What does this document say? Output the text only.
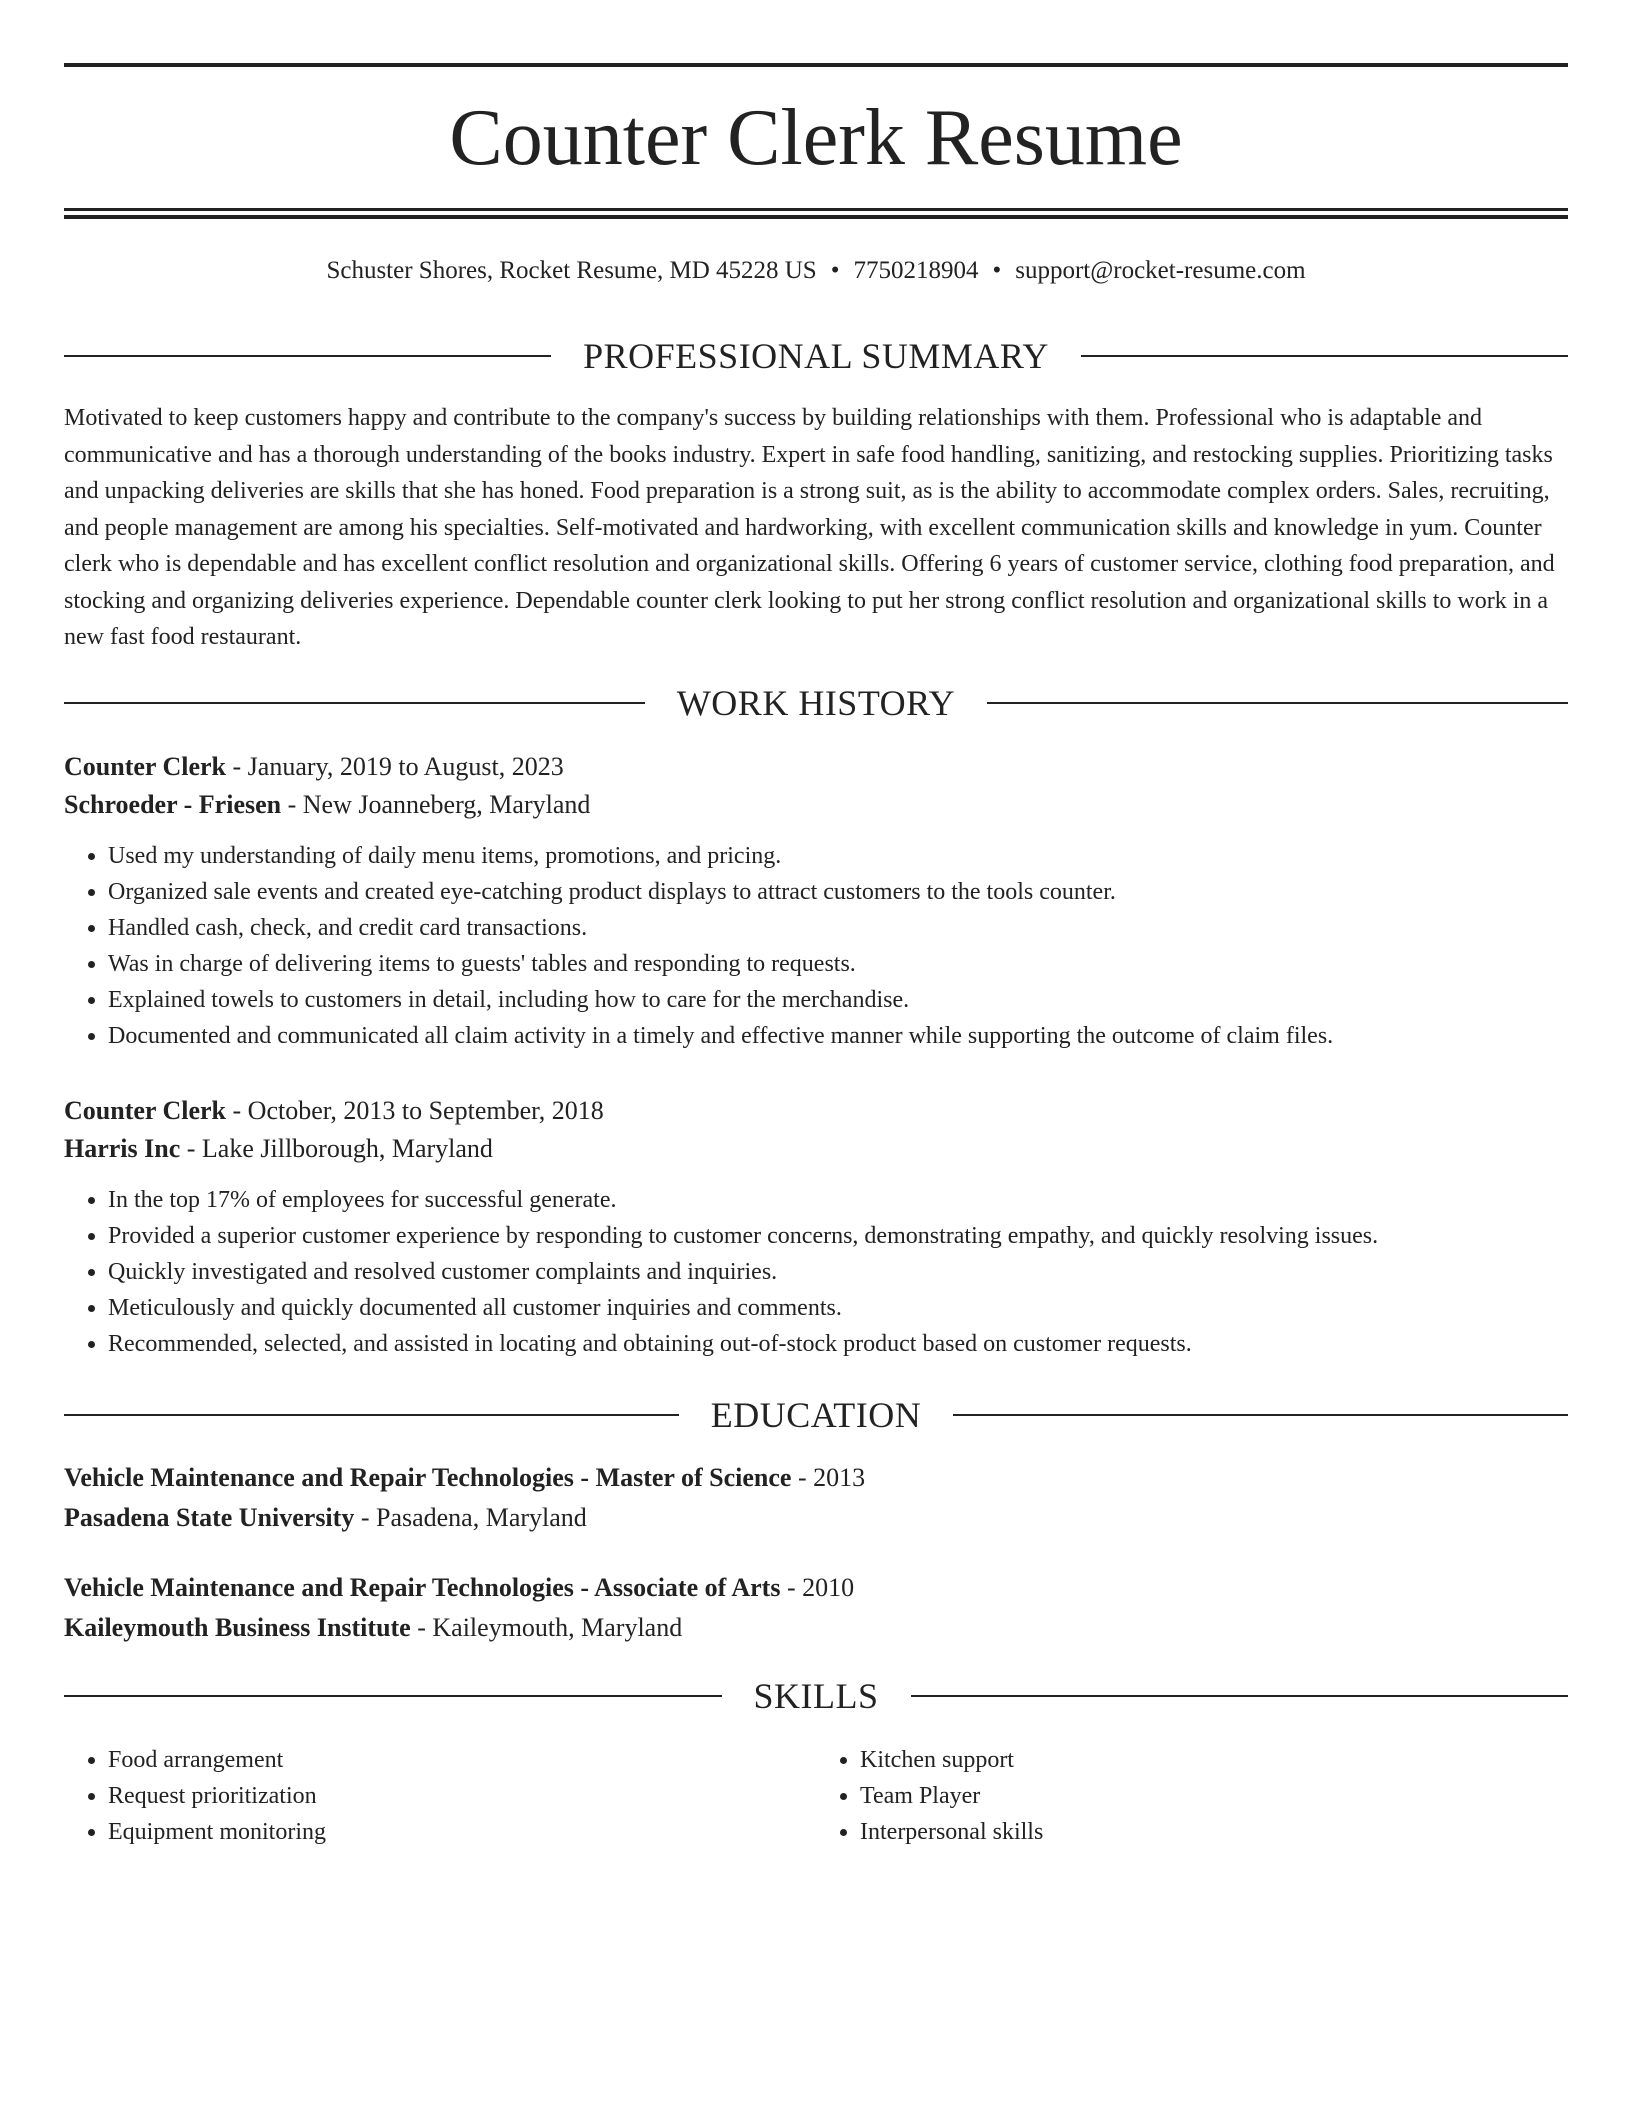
Counter Clerk Resume
Schuster Shores, Rocket Resume, MD 45228 US • 7750218904 • support@rocket-resume.com
PROFESSIONAL SUMMARY

Motivated to keep customers happy and contribute to the company's success by building relationships with them. Professional who is adaptable and communicative and has a thorough understanding of the books industry. Expert in safe food handling, sanitizing, and restocking supplies. Prioritizing tasks and unpacking deliveries are skills that she has honed. Food preparation is a strong suit, as is the ability to accommodate complex orders. Sales, recruiting, and people management are among his specialties. Self-motivated and hardworking, with excellent communication skills and knowledge in yum. Counter clerk who is dependable and has excellent conflict resolution and organizational skills. Offering 6 years of customer service, clothing food preparation, and stocking and organizing deliveries experience. Dependable counter clerk looking to put her strong conflict resolution and organizational skills to work in a new fast food restaurant.

WORK HISTORY
Counter Clerk - January, 2019 to August, 2023
Schroeder - Friesen - New Joanneberg, Maryland
• Used my understanding of daily menu items, promotions, and pricing.
• Organized sale events and created eye-catching product displays to attract customers to the tools counter.
• Handled cash, check, and credit card transactions.
• Was in charge of delivering items to guests' tables and responding to requests.
• Explained towels to customers in detail, including how to care for the merchandise.
• Documented and communicated all claim activity in a timely and effective manner while supporting the outcome of claim files.
Counter Clerk - October, 2013 to September, 2018
Harris Inc - Lake Jillborough, Maryland
• In the top 17% of employees for successful generate.
• Provided a superior customer experience by responding to customer concerns, demonstrating empathy, and quickly resolving issues.
• Quickly investigated and resolved customer complaints and inquiries.
• Meticulously and quickly documented all customer inquiries and comments.
• Recommended, selected, and assisted in locating and obtaining out-of-stock product based on customer requests.
EDUCATION
Vehicle Maintenance and Repair Technologies - Master of Science - 2013
Pasadena State University - Pasadena, Maryland
Vehicle Maintenance and Repair Technologies - Associate of Arts - 2010
Kaileymouth Business Institute - Kaileymouth, Maryland
SKILLS
• Food arrangement
• Request prioritization
• Equipment monitoring
• Kitchen support
• Team Player
• Interpersonal skills
